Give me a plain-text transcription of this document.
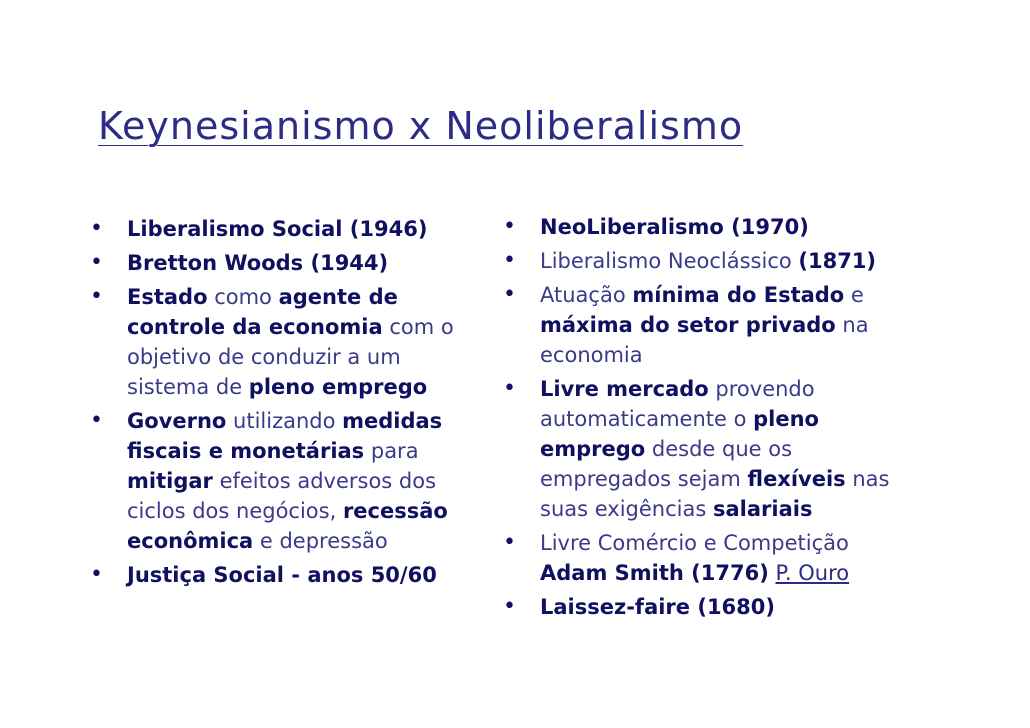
Keynesianismo x Neoliberalismo
• Liberalismo Social (1946)
• Bretton Woods (1944)
• Estado como agente de controle da economia com o objetivo de conduzir a um sistema de pleno emprego
• Governo utilizando medidas fiscais e monetárias para mitigar efeitos adversos dos ciclos dos negócios, recessão econômica e depressão
• Justiça Social - anos 50/60
• NeoLiberalismo (1970)
• Liberalismo Neoclássico (1871)
• Atuação mínima do Estado e máxima do setor privado na economia
• Livre mercado provendo automaticamente o pleno emprego desde que os empregados sejam flexíveis nas suas exigências salariais
• Livre Comércio e Competição Adam Smith (1776) P. Ouro
• Laissez-faire (1680)
